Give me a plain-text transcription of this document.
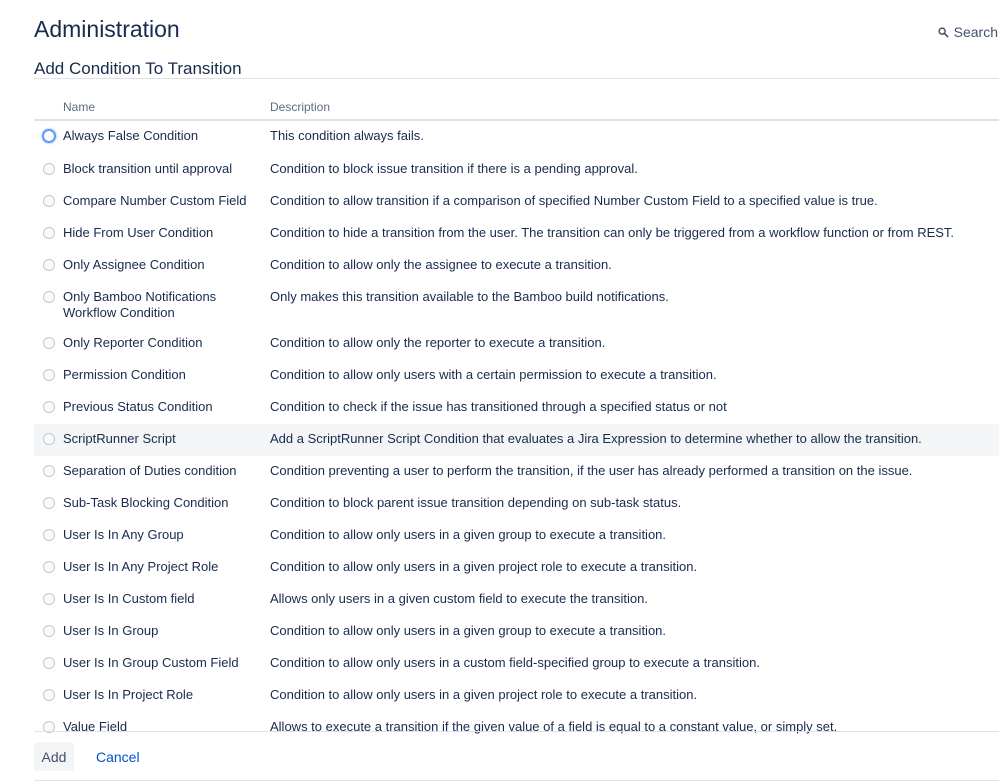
Administration	Search
Add Condition To Transition
	Name	Description
	Always False Condition	This condition always fails.
	Block transition until approval	Condition to block issue transition if there is a pending approval.
	Compare Number Custom Field	Condition to allow transition if a comparison of specified Number Custom Field to a specified value is true.
	Hide From User Condition	Condition to hide a transition from the user. The transition can only be triggered from a workflow function or from REST.
	Only Assignee Condition	Condition to allow only the assignee to execute a transition.
	Only Bamboo Notifications Workflow Condition	Only makes this transition available to the Bamboo build notifications.
	Only Reporter Condition	Condition to allow only the reporter to execute a transition.
	Permission Condition	Condition to allow only users with a certain permission to execute a transition.
	Previous Status Condition	Condition to check if the issue has transitioned through a specified status or not
	ScriptRunner Script	Add a ScriptRunner Script Condition that evaluates a Jira Expression to determine whether to allow the transition.
	Separation of Duties condition	Condition preventing a user to perform the transition, if the user has already performed a transition on the issue.
	Sub-Task Blocking Condition	Condition to block parent issue transition depending on sub-task status.
	User Is In Any Group	Condition to allow only users in a given group to execute a transition.
	User Is In Any Project Role	Condition to allow only users in a given project role to execute a transition.
	User Is In Custom field	Allows only users in a given custom field to execute the transition.
	User Is In Group	Condition to allow only users in a given group to execute a transition.
	User Is In Group Custom Field	Condition to allow only users in a custom field-specified group to execute a transition.
	User Is In Project Role	Condition to allow only users in a given project role to execute a transition.
	Value Field	Allows to execute a transition if the given value of a field is equal to a constant value, or simply set.
Add	Cancel
